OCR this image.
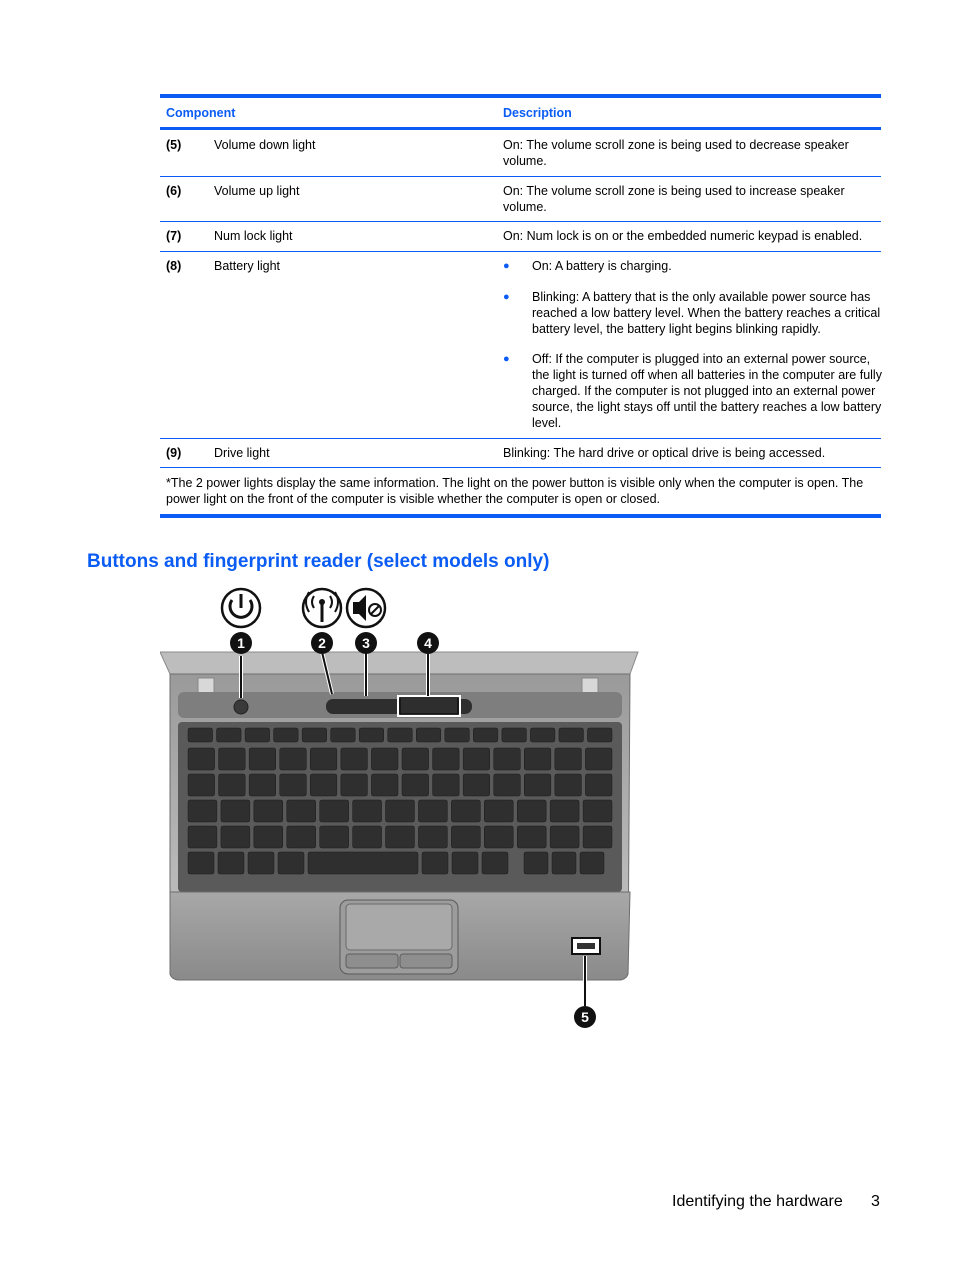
Component	Description
(5)	Volume down light	On: The volume scroll zone is being used to decrease speaker volume.
(6)	Volume up light	On: The volume scroll zone is being used to increase speaker volume.
(7)	Num lock light	On: Num lock is on or the embedded numeric keypad is enabled.
(8)	Battery light	● On: A battery is charging.
● Blinking: A battery that is the only available power source has reached a low battery level. When the battery reaches a critical battery level, the battery light begins blinking rapidly.
● Off: If the computer is plugged into an external power source, the light is turned off when all batteries in the computer are fully charged. If the computer is not plugged into an external power source, the light stays off until the battery reaches a low battery level.
(9)	Drive light	Blinking: The hard drive or optical drive is being accessed.
*The 2 power lights display the same information. The light on the power button is visible only when the computer is open. The power light on the front of the computer is visible whether the computer is open or closed.
Buttons and fingerprint reader (select models only)
1	2	3	4
5
Identifying the hardware 3
